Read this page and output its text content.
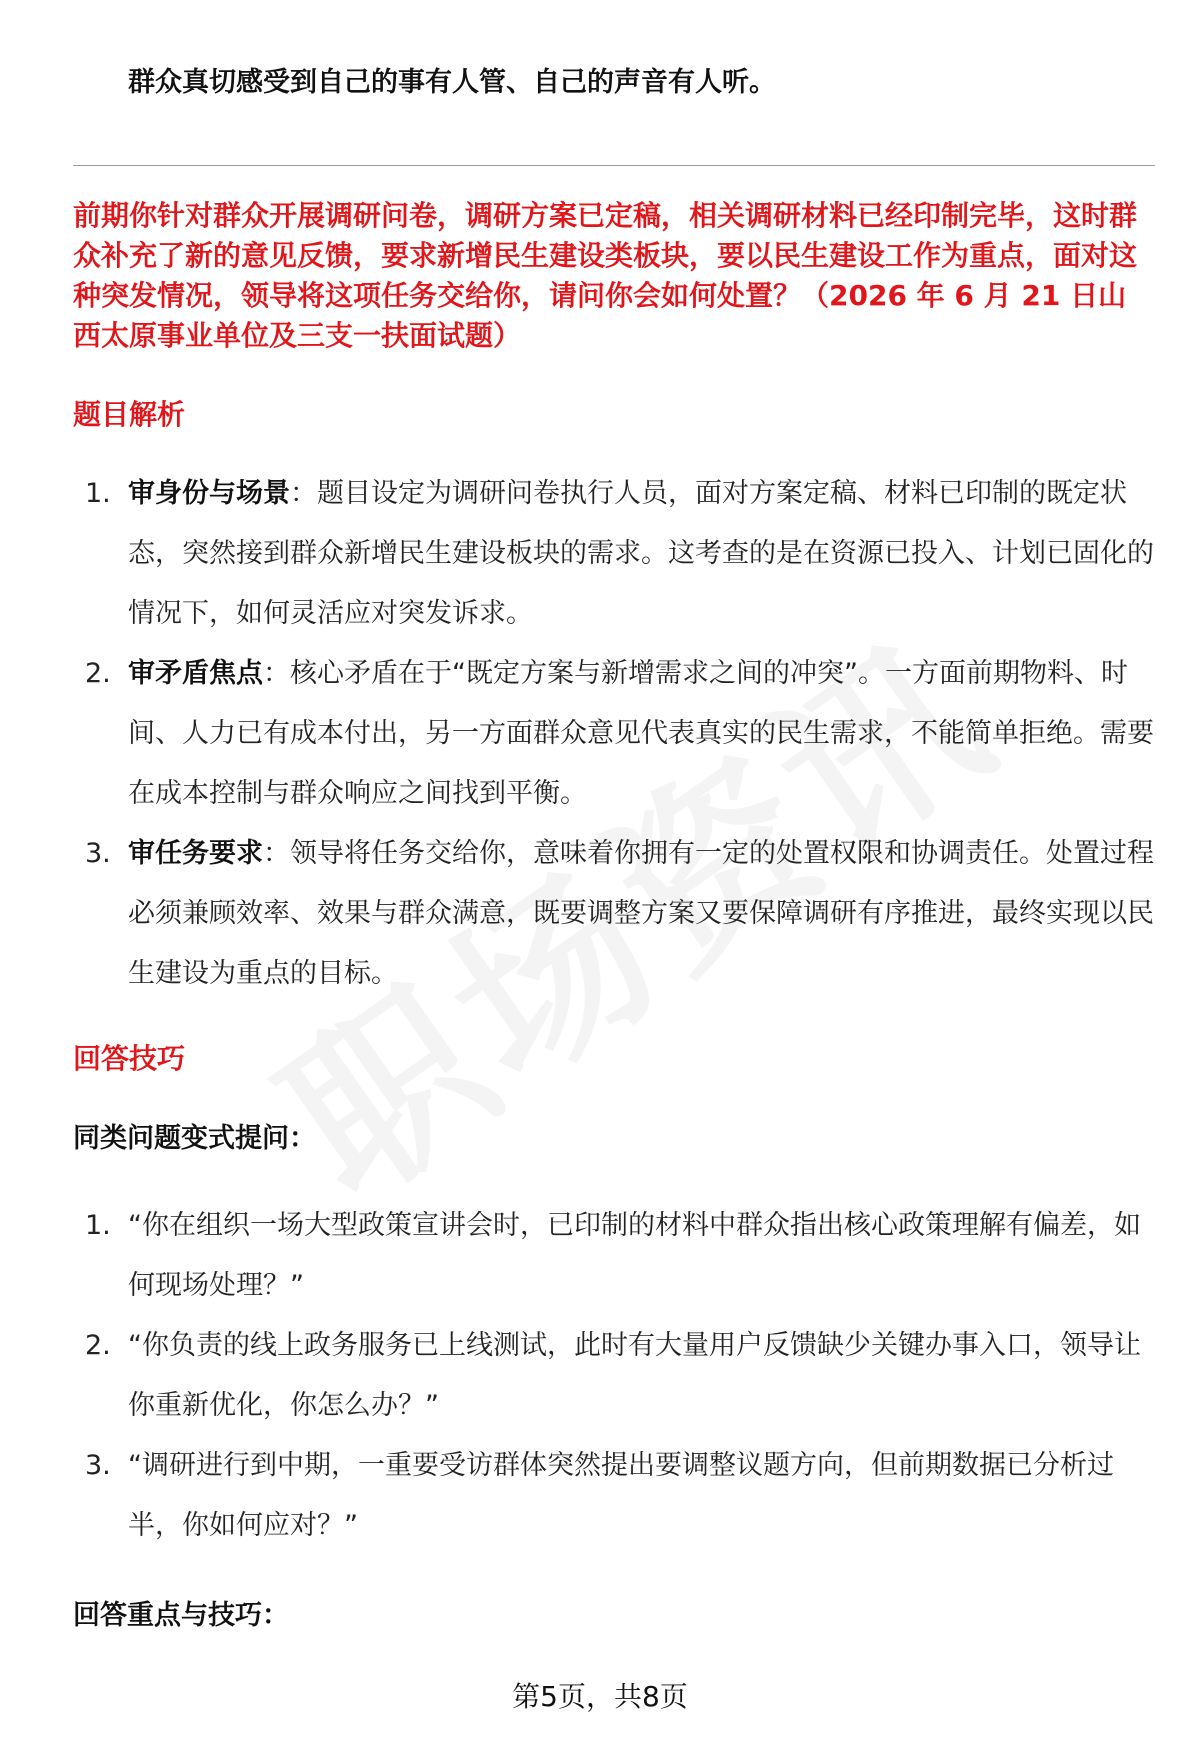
群众真切感受到自己的事有人管、自己的声音有人听。

前期你针对群众开展调研问卷，调研方案已定稿，相关调研材料已经印制完毕，这时群众补充了新的意见反馈，要求新增民生建设类板块，要以民生建设工作为重点，面对这种突发情况，领导将这项任务交给你，请问你会如何处置？（2026 年 6 月 21 日山西太原事业单位及三支一扶面试题）

题目解析
1. 审身份与场景：题目设定为调研问卷执行人员，面对方案定稿、材料已印制的既定状态，突然接到群众新增民生建设板块的需求。这考查的是在资源已投入、计划已固化的情况下，如何灵活应对突发诉求。
2. 审矛盾焦点：核心矛盾在于“既定方案与新增需求之间的冲突”。一方面前期物料、时间、人力已有成本付出，另一方面群众意见代表真实的民生需求，不能简单拒绝。需要在成本控制与群众响应之间找到平衡。
3. 审任务要求：领导将任务交给你，意味着你拥有一定的处置权限和协调责任。处置过程必须兼顾效率、效果与群众满意，既要调整方案又要保障调研有序推进，最终实现以民生建设为重点的目标。
回答技巧
同类问题变式提问：
1. “你在组织一场大型政策宣讲会时，已印制的材料中群众指出核心政策理解有偏差，如何现场处理？”
2. “你负责的线上政务服务已上线测试，此时有大量用户反馈缺少关键办事入口，领导让你重新优化，你怎么办？”
3. “调研进行到中期，一重要受访群体突然提出要调整议题方向，但前期数据已分析过半，你如何应对？”
回答重点与技巧：
第5页，共8页
